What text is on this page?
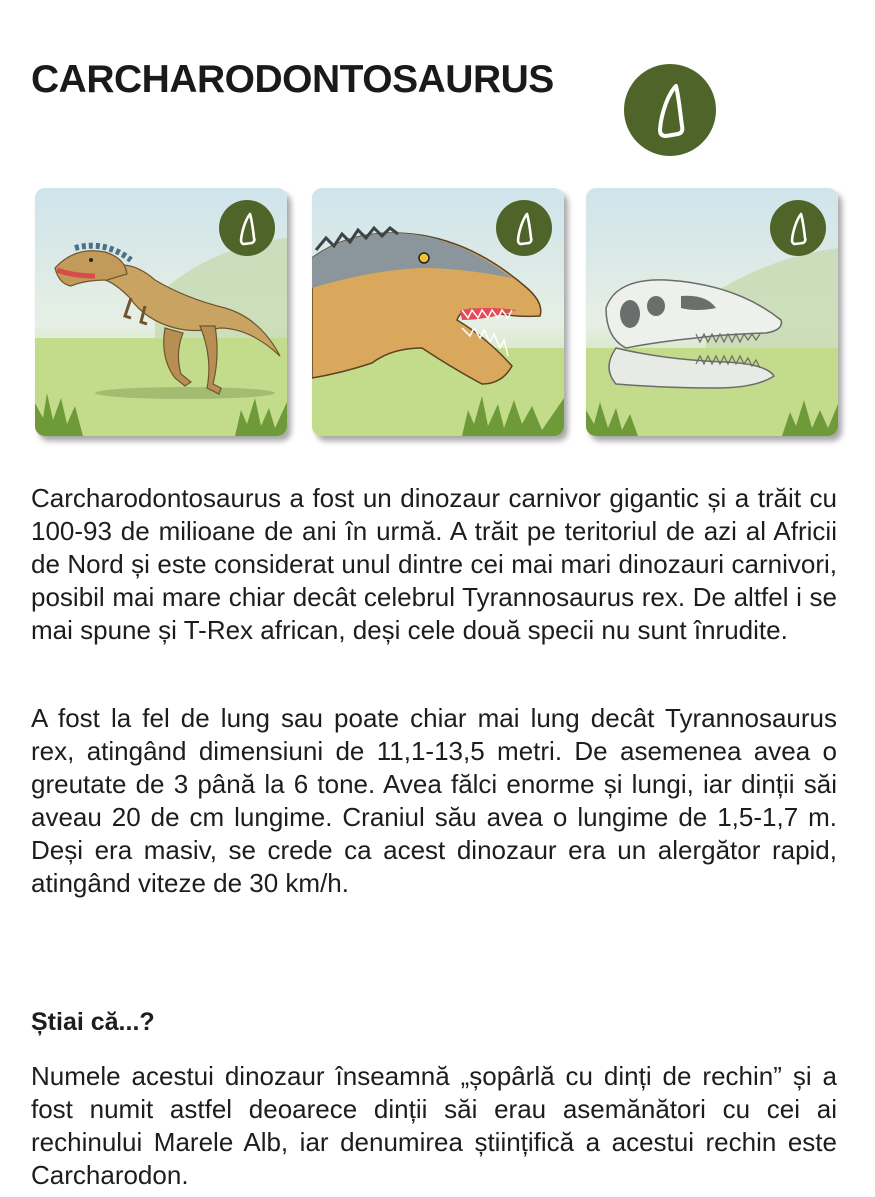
CARCHARODONTOSAURUS

Carcharodontosaurus a fost un dinozaur carnivor gigantic și a trăit cu 100-93 de milioane de ani în urmă. A trăit pe teritoriul de azi al Africii de Nord și este considerat unul dintre cei mai mari dinozauri carnivori, posibil mai mare chiar decât celebrul Tyrannosaurus rex. De altfel i se mai spune și T-Rex african, deși cele două specii nu sunt înrudite.

A fost la fel de lung sau poate chiar mai lung decât Tyrannosaurus rex, atingând dimensiuni de 11,1-13,5 metri. De asemenea avea o greutate de 3 până la 6 tone. Avea fălci enorme și lungi, iar dinții săi aveau 20 de cm lungime. Craniul său avea o lungime de 1,5-1,7 m. Deși era masiv, se crede ca acest dinozaur era un alergător rapid, atingând viteze de 30 km/h.

Știai că...?

Numele acestui dinozaur înseamnă „șopârlă cu dinți de rechin” și a fost numit astfel deoarece dinții săi erau asemănători cu cei ai rechinului Marele Alb, iar denumirea științifică a acestui rechin este Carcharodon.
